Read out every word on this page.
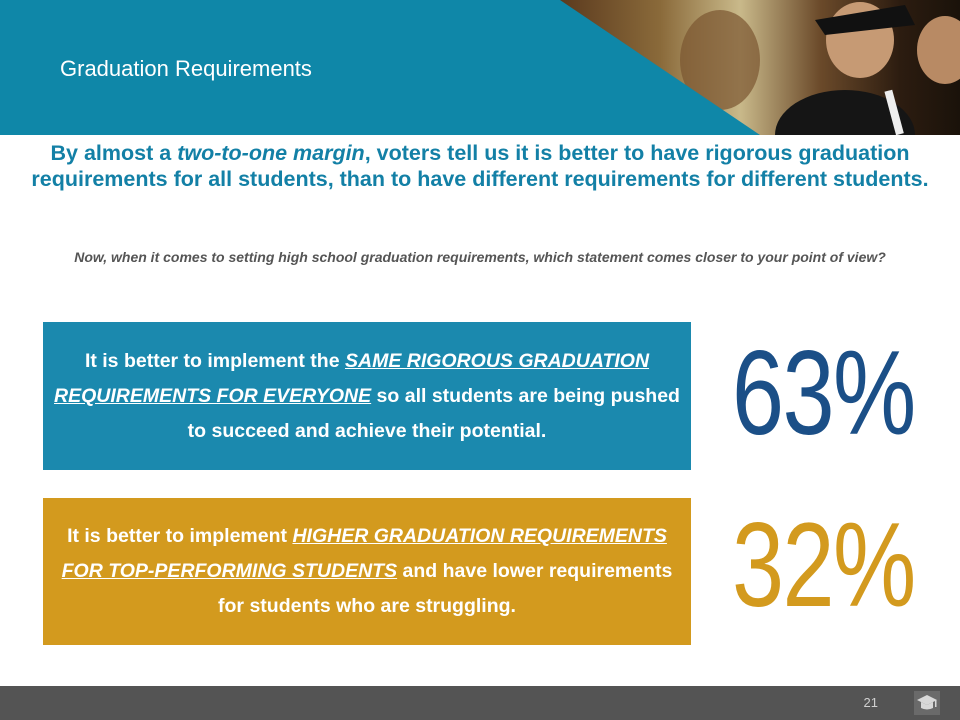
Graduation Requirements
By almost a two-to-one margin, voters tell us it is better to have rigorous graduation requirements for all students, than to have different requirements for different students.
Now, when it comes to setting high school graduation requirements, which statement comes closer to your point of view?
It is better to implement the SAME RIGOROUS GRADUATION REQUIREMENTS FOR EVERYONE so all students are being pushed to succeed and achieve their potential.	63%
It is better to implement HIGHER GRADUATION REQUIREMENTS FOR TOP-PERFORMING STUDENTS and have lower requirements for students who are struggling.	32%
21
